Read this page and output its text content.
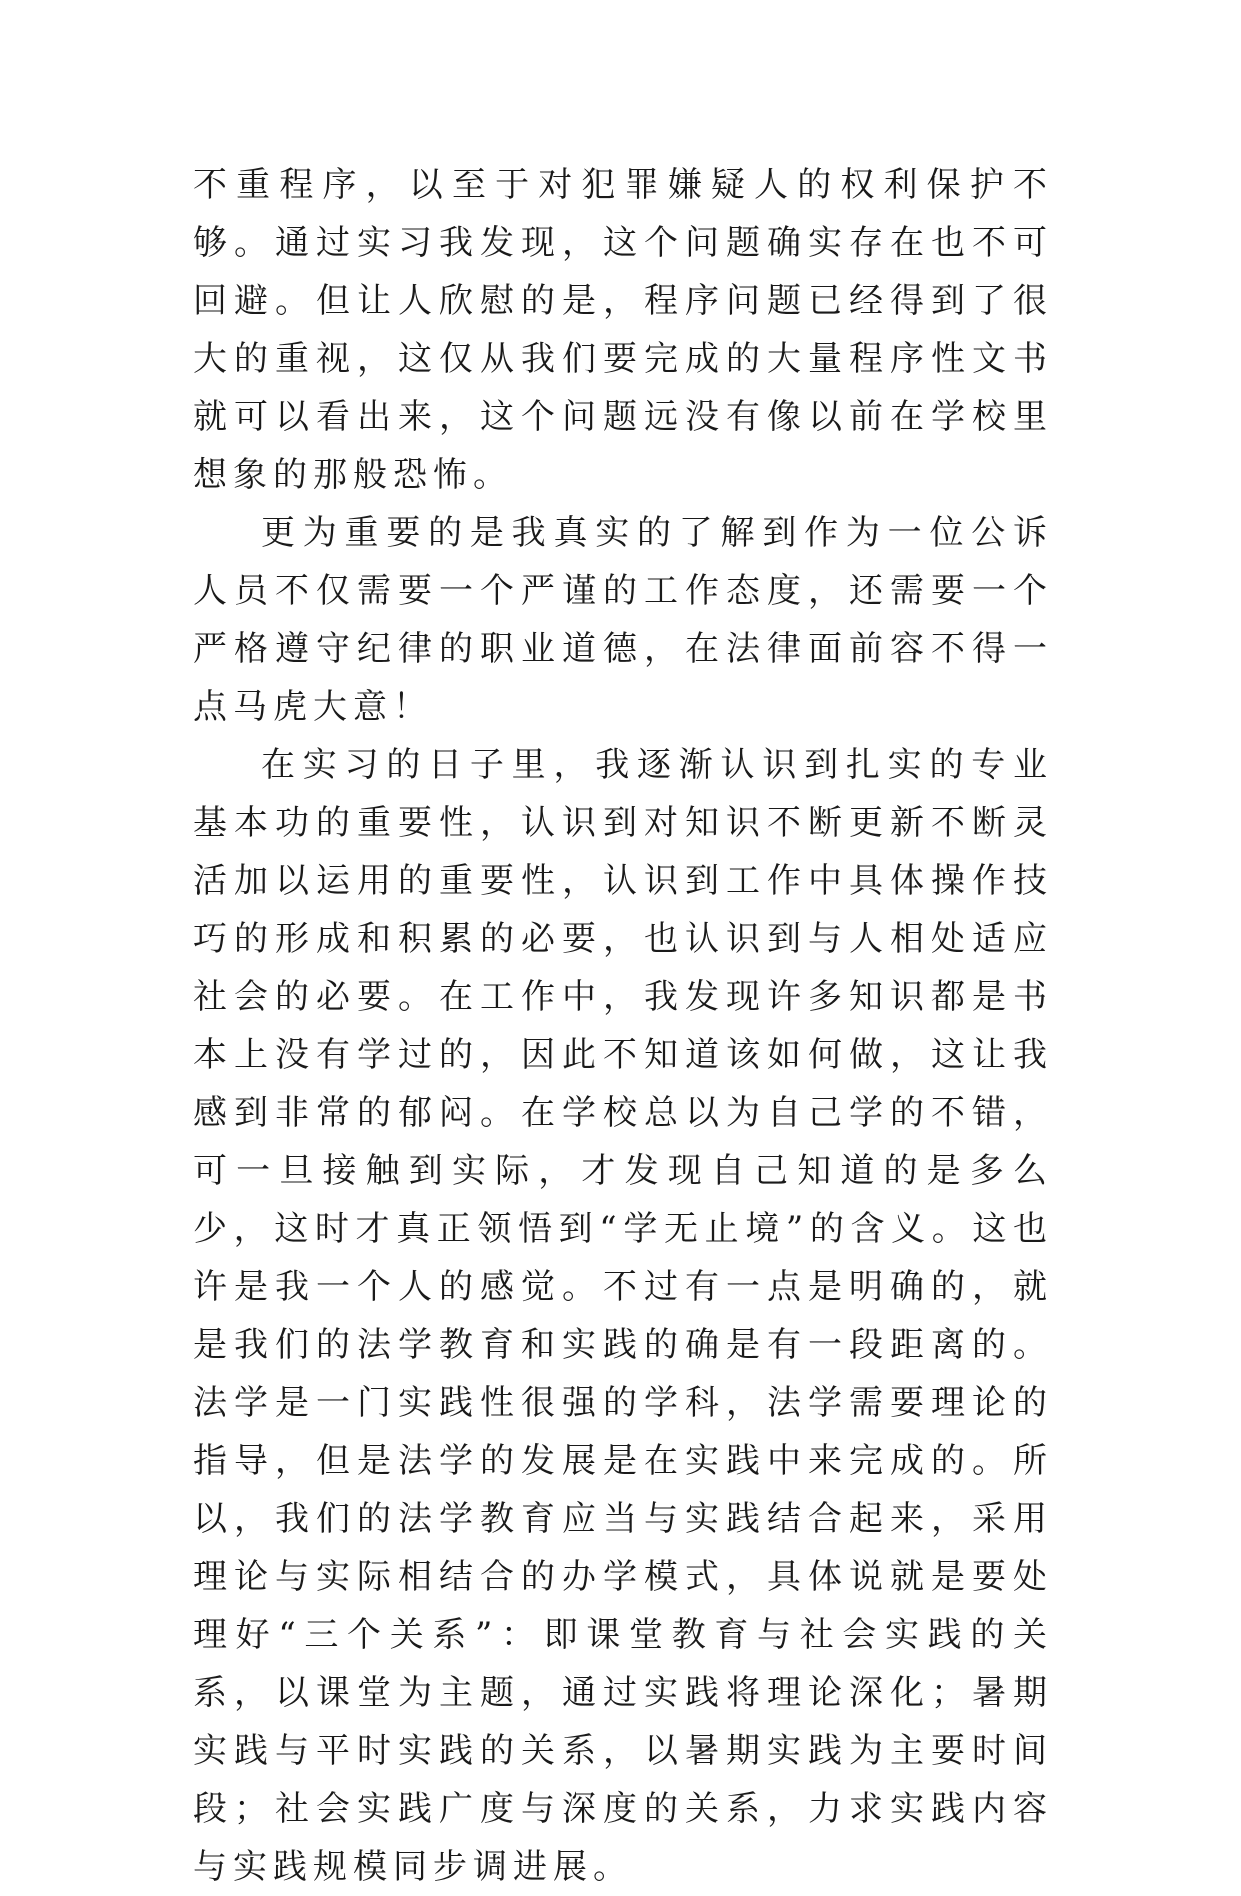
不重程序，以至于对犯罪嫌疑人的权利保护不够。通过实习我发现，这个问题确实存在也不可回避。但让人欣慰的是，程序问题已经得到了很大的重视，这仅从我们要完成的大量程序性文书就可以看出来，这个问题远没有像以前在学校里想象的那般恐怖。

更为重要的是我真实的了解到作为一位公诉人员不仅需要一个严谨的工作态度，还需要一个严格遵守纪律的职业道德，在法律面前容不得一点马虎大意！

在实习的日子里，我逐渐认识到扎实的专业基本功的重要性，认识到对知识不断更新不断灵活加以运用的重要性，认识到工作中具体操作技巧的形成和积累的必要，也认识到与人相处适应社会的必要。在工作中，我发现许多知识都是书本上没有学过的，因此不知道该如何做，这让我感到非常的郁闷。在学校总以为自己学的不错，可一旦接触到实际，才发现自己知道的是多么少，这时才真正领悟到“学无止境”的含义。这也许是我一个人的感觉。不过有一点是明确的，就是我们的法学教育和实践的确是有一段距离的。法学是一门实践性很强的学科，法学需要理论的指导，但是法学的发展是在实践中来完成的。所以，我们的法学教育应当与实践结合起来，采用理论与实际相结合的办学模式，具体说就是要处理好“三个关系”：即课堂教育与社会实践的关系，以课堂为主题，通过实践将理论深化；暑期实践与平时实践的关系，以暑期实践为主要时间段；社会实践广度与深度的关系，力求实践内容与实践规模同步调进展。
